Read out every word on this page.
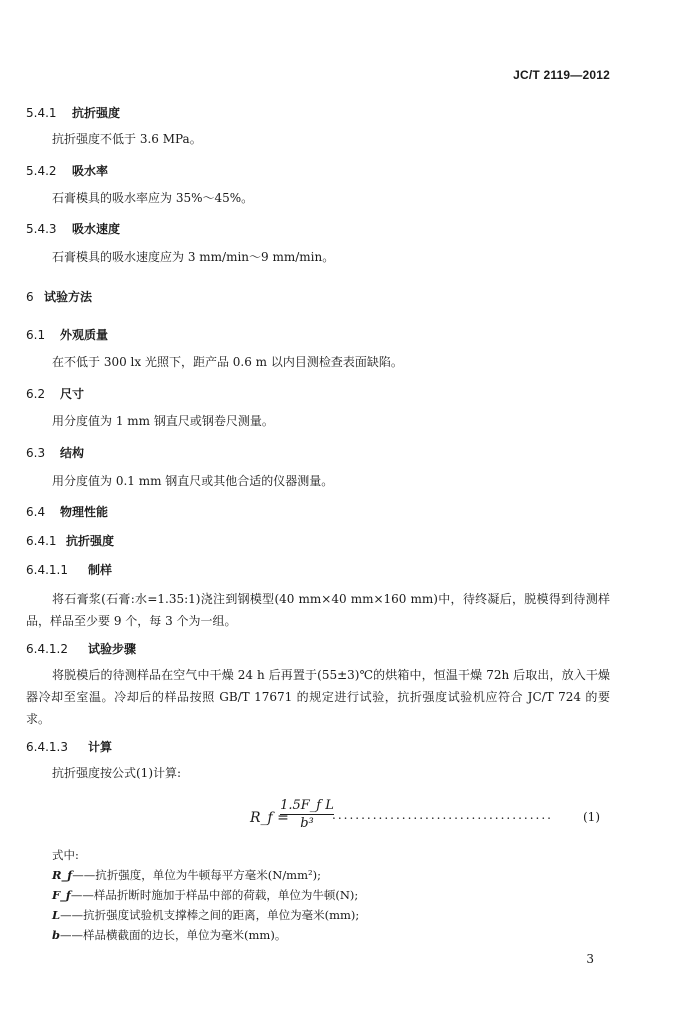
JC/T 2119—2012
5.4.1 抗折强度
抗折强度不低于 3.6 MPa。
5.4.2 吸水率
石膏模具的吸水率应为 35%～45%。
5.4.3 吸水速度
石膏模具的吸水速度应为 3 mm/min～9 mm/min。
6 试验方法
6.1 外观质量
在不低于 300 lx 光照下，距产品 0.6 m 以内目测检查表面缺陷。
6.2 尺寸
用分度值为 1 mm 钢直尺或钢卷尺测量。
6.3 结构
用分度值为 0.1 mm 钢直尺或其他合适的仪器测量。
6.4 物理性能
6.4.1 抗折强度
6.4.1.1 制样
将石膏浆(石膏:水=1.35:1)浇注到钢模型(40 mm×40 mm×160 mm)中，待终凝后，脱模得到待测样品，样品至少要 9 个，每 3 个为一组。
6.4.1.2 试验步骤
将脱模后的待测样品在空气中干燥 24 h 后再置于(55±3)℃的烘箱中，恒温干燥 72h 后取出，放入干燥器冷却至室温。冷却后的样品按照 GB/T 17671 的规定进行试验，抗折强度试验机应符合 JC/T 724 的要求。
6.4.1.3 计算
抗折强度按公式(1)计算:
R_f =
1.5F_f L
b³
......................................	(1)
式中:
R_f——抗折强度，单位为牛顿每平方毫米(N/mm²);
F_f——样品折断时施加于样品中部的荷载，单位为牛顿(N);
L——抗折强度试验机支撑棒之间的距离，单位为毫米(mm);
b——样品横截面的边长，单位为毫米(mm)。
3
